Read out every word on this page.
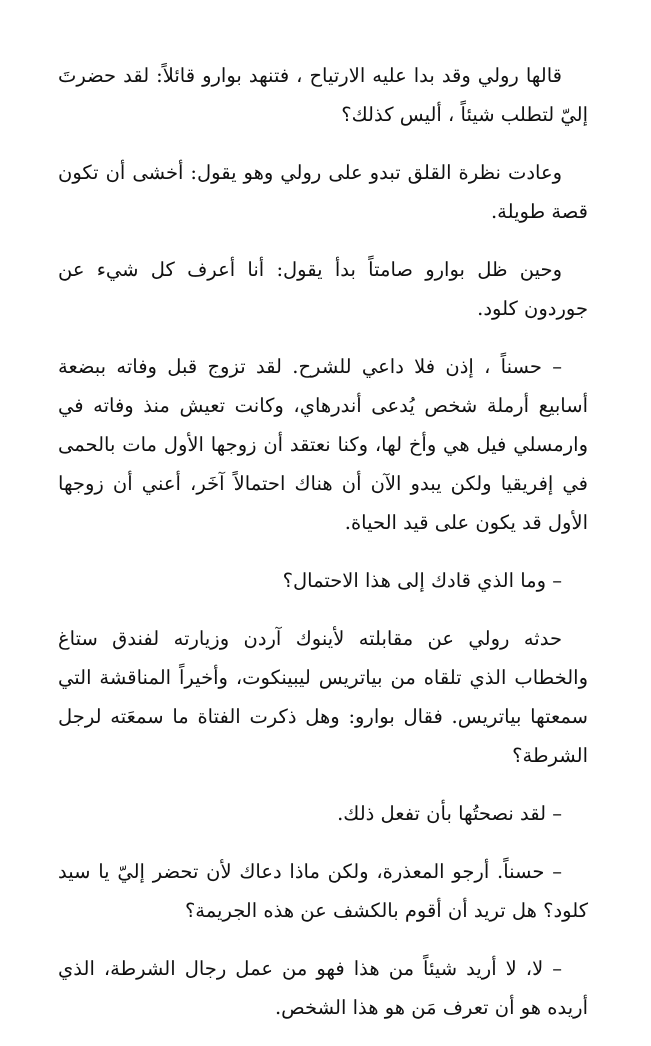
قالها رولي وقد بدا عليه الارتياح ، فتنهد بوارو قائلاً: لقد حضرتَ إليّ لتطلب شيئاً ، أليس كذلك؟

وعادت نظرة القلق تبدو على رولي وهو يقول: أخشى أن تكون قصة طويلة.

وحين ظل بوارو صامتاً بدأ يقول: أنا أعرف كل شيء عن جوردون كلود.

– حسناً ، إذن فلا داعي للشرح. لقد تزوج قبل وفاته ببضعة أسابيع أرملة شخص يُدعى أندرهاي، وكانت تعيش منذ وفاته في وارمسلي فيل هي وأخ لها، وكنا نعتقد أن زوجها الأول مات بالحمى في إفريقيا ولكن يبدو الآن أن هناك احتمالاً آخَر، أعني أن زوجها الأول قد يكون على قيد الحياة.

– وما الذي قادك إلى هذا الاحتمال؟

حدثه رولي عن مقابلته لأينوك آردن وزيارته لفندق ستاغ والخطاب الذي تلقاه من بياتريس ليبينكوت، وأخيراً المناقشة التي سمعتها بياتريس. فقال بوارو: وهل ذكرت الفتاة ما سمعَته لرجل الشرطة؟

– لقد نصحتُها بأن تفعل ذلك.

– حسناً. أرجو المعذرة، ولكن ماذا دعاك لأن تحضر إليّ يا سيد كلود؟ هل تريد أن أقوم بالكشف عن هذه الجريمة؟

– لا، لا أريد شيئاً من هذا فهو من عمل رجال الشرطة، الذي أريده هو أن تعرف مَن هو هذا الشخص.
